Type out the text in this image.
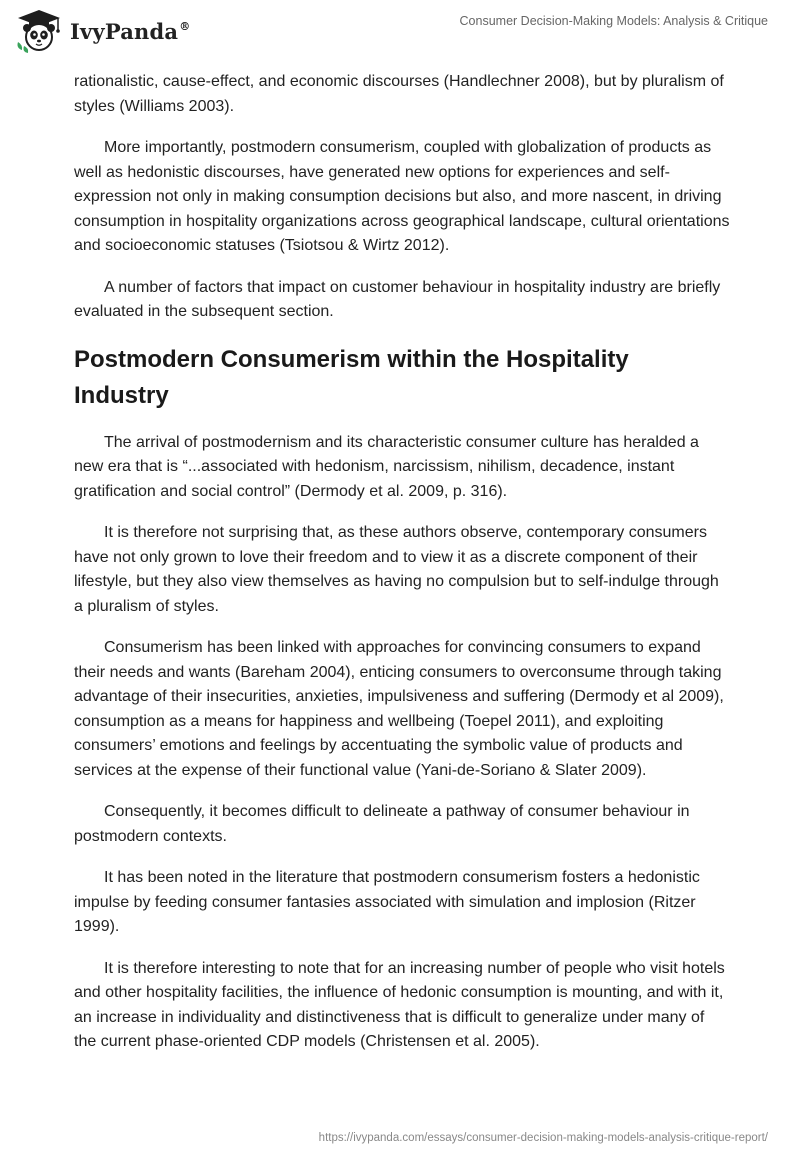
IvyPanda®	Consumer Decision-Making Models: Analysis & Critique

rationalistic, cause-effect, and economic discourses (Handlechner 2008), but by pluralism of styles (Williams 2003).

More importantly, postmodern consumerism, coupled with globalization of products as well as hedonistic discourses, have generated new options for experiences and self-expression not only in making consumption decisions but also, and more nascent, in driving consumption in hospitality organizations across geographical landscape, cultural orientations and socioeconomic statuses (Tsiotsou & Wirtz 2012).

A number of factors that impact on customer behaviour in hospitality industry are briefly evaluated in the subsequent section.

Postmodern Consumerism within the Hospitality Industry

The arrival of postmodernism and its characteristic consumer culture has heralded a new era that is “...associated with hedonism, narcissism, nihilism, decadence, instant gratification and social control” (Dermody et al. 2009, p. 316).

It is therefore not surprising that, as these authors observe, contemporary consumers have not only grown to love their freedom and to view it as a discrete component of their lifestyle, but they also view themselves as having no compulsion but to self-indulge through a pluralism of styles.

Consumerism has been linked with approaches for convincing consumers to expand their needs and wants (Bareham 2004), enticing consumers to overconsume through taking advantage of their insecurities, anxieties, impulsiveness and suffering (Dermody et al 2009), consumption as a means for happiness and wellbeing (Toepel 2011), and exploiting consumers’ emotions and feelings by accentuating the symbolic value of products and services at the expense of their functional value (Yani-de-Soriano & Slater 2009).

Consequently, it becomes difficult to delineate a pathway of consumer behaviour in postmodern contexts.

It has been noted in the literature that postmodern consumerism fosters a hedonistic impulse by feeding consumer fantasies associated with simulation and implosion (Ritzer 1999).

It is therefore interesting to note that for an increasing number of people who visit hotels and other hospitality facilities, the influence of hedonic consumption is mounting, and with it, an increase in individuality and distinctiveness that is difficult to generalize under many of the current phase-oriented CDP models (Christensen et al. 2005).

https://ivypanda.com/essays/consumer-decision-making-models-analysis-critique-report/
